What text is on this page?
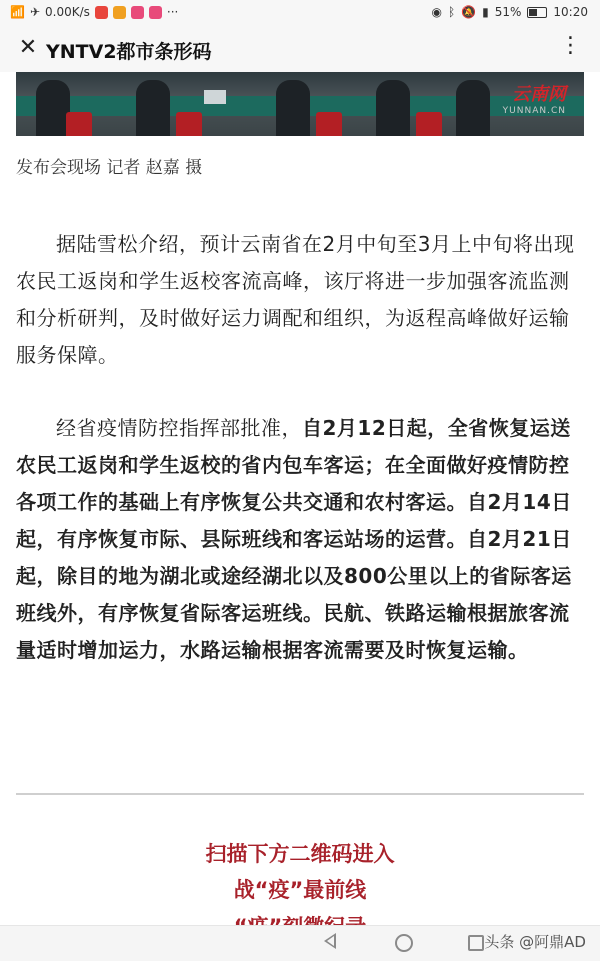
📶 ✈ 0.00K/s	···	◉ ᛒ 🔕 ▮ 51%	10:20
✕ YNTV2都市条形码	⋮
云南网
YUNNAN.CN
发布会现场 记者 赵嘉 摄

据陆雪松介绍，预计云南省在2月中旬至3月上中旬将出现农民工返岗和学生返校客流高峰，该厅将进一步加强客流监测和分析研判，及时做好运力调配和组织，为返程高峰做好运输服务保障。

经省疫情防控指挥部批准，自2月12日起，全省恢复运送农民工返岗和学生返校的省内包车客运；在全面做好疫情防控各项工作的基础上有序恢复公共交通和农村客运。自2月14日起，有序恢复市际、县际班线和客运站场的运营。自2月21日起，除目的地为湖北或途经湖北以及800公里以上的省际客运班线外，有序恢复省际客运班线。民航、铁路运输根据旅客流量适时增加运力，水路运输根据客流需要及时恢复运输。

扫描下方二维码进入
战“疫”最前线
头条 @阿鼎AD
